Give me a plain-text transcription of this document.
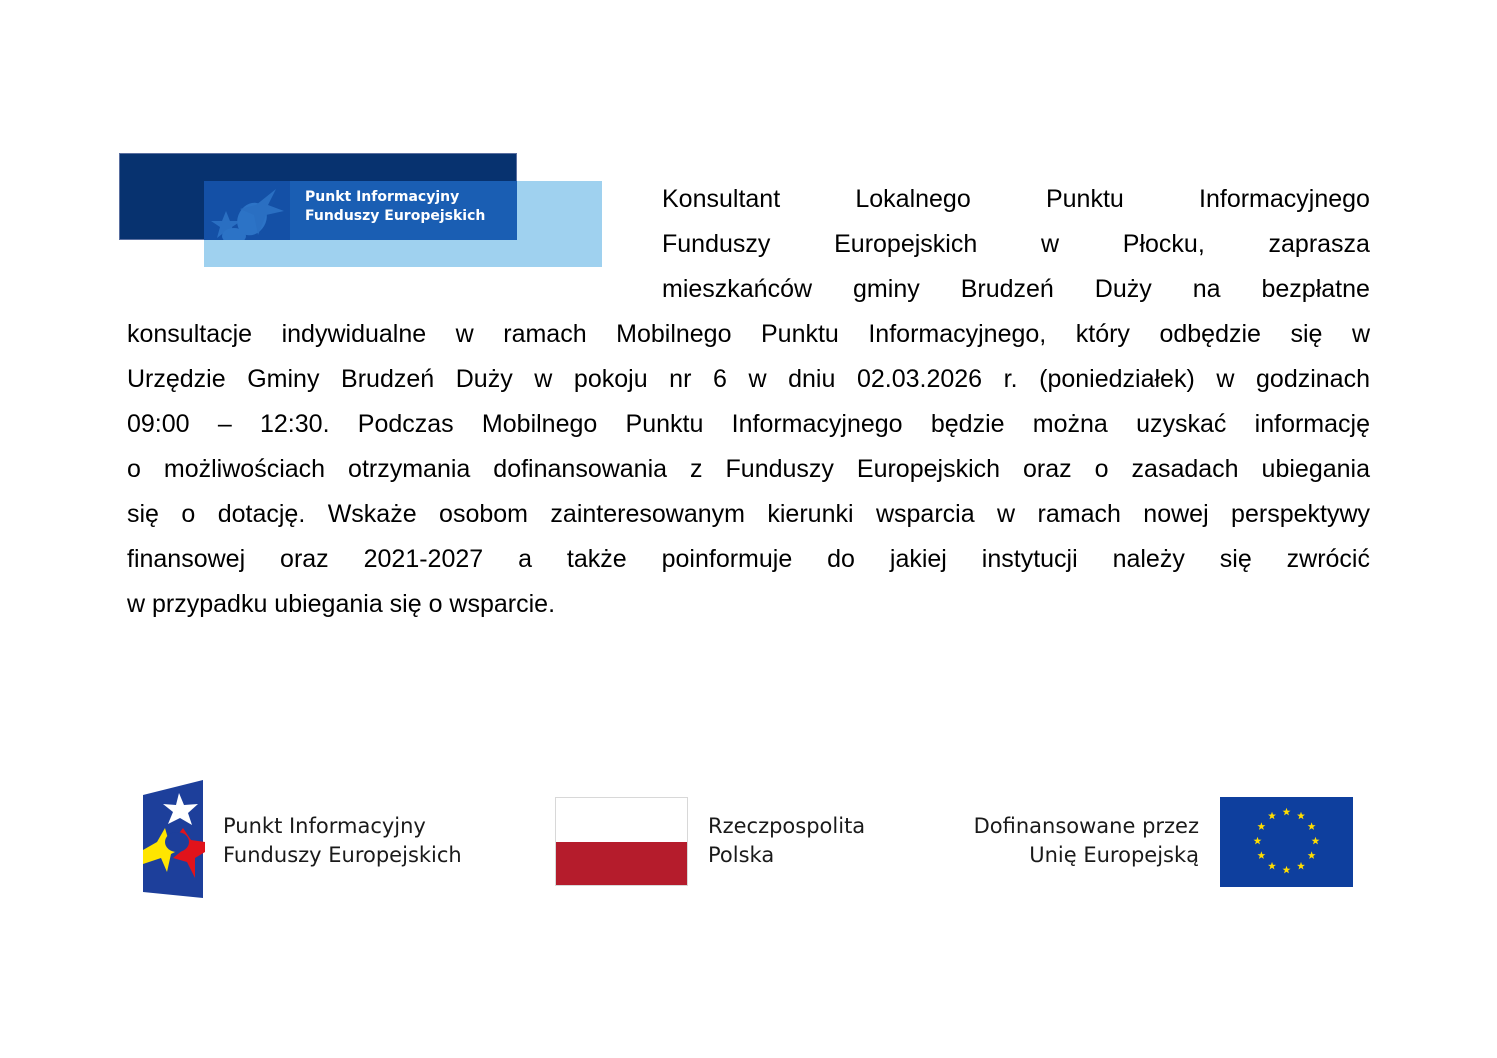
Punkt Informacyjny
Funduszy Europejskich
Konsultant	Lokalnego	Punktu	Informacyjnego
Funduszy	Europejskich	w	Płocku,	zaprasza
mieszkańców gminy Brudzeń Duży na bezpłatne
konsultacje indywidualne w ramach Mobilnego Punktu Informacyjnego, który odbędzie się w
Urzędzie Gminy Brudzeń Duży w pokoju nr 6 w dniu 02.03.2026 r. (poniedziałek) w godzinach
09:00 – 12:30. Podczas Mobilnego Punktu Informacyjnego będzie można uzyskać informację
o możliwościach otrzymania dofinansowania z Funduszy Europejskich oraz o zasadach ubiegania
się o dotację. Wskaże osobom zainteresowanym kierunki wsparcia w ramach nowej perspektywy
finansowej oraz 2021-2027 a także poinformuje do jakiej instytucji należy się zwrócić
w przypadku ubiegania się o wsparcie.
Punkt Informacyjny
Funduszy Europejskich
Rzeczpospolita
Polska
Dofinansowane przez
Unię Europejską
